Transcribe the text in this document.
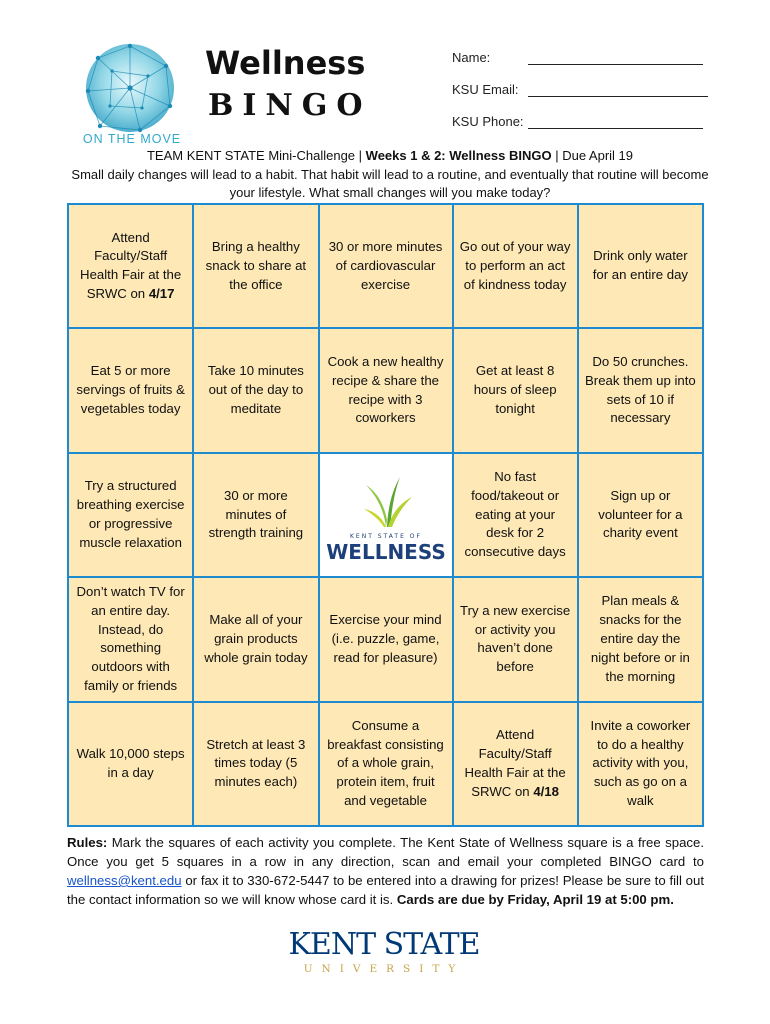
ON THE MOVE
Wellness
BINGO
Name:
KSU Email:
KSU Phone:
TEAM KENT STATE Mini-Challenge | Weeks 1 & 2: Wellness BINGO | Due April 19
Small daily changes will lead to a habit. That habit will lead to a routine, and eventually that routine will become your lifestyle. What small changes will you make today?
Attend Faculty/Staff Health Fair at the SRWC on 4/17
Bring a healthy snack to share at the office
30 or more minutes of cardiovascular exercise
Go out of your way to perform an act of kindness today
Drink only water for an entire day
Eat 5 or more servings of fruits & vegetables today
Take 10 minutes out of the day to meditate
Cook a new healthy recipe & share the recipe with 3 coworkers
Get at least 8 hours of sleep tonight
Do 50 crunches. Break them up into sets of 10 if necessary
Try a structured breathing exercise or progressive muscle relaxation
30 or more minutes of strength training	KENT STATE OF
WELLNESS
No fast food/takeout or eating at your desk for 2 consecutive days
Sign up or volunteer for a charity event
Don’t watch TV for an entire day. Instead, do something outdoors with family or friends
Make all of your grain products whole grain today
Exercise your mind (i.e. puzzle, game, read for pleasure)
Try a new exercise or activity you haven’t done before
Plan meals & snacks for the entire day the night before or in the morning
Walk 10,000 steps in a day
Stretch at least 3 times today (5 minutes each)
Consume a breakfast consisting of a whole grain, protein item, fruit and vegetable
Attend Faculty/Staff Health Fair at the SRWC on 4/18
Invite a coworker to do a healthy activity with you, such as go on a walk
Rules: Mark the squares of each activity you complete. The Kent State of Wellness square is a free space. Once you get 5 squares in a row in any direction, scan and email your completed BINGO card to wellness@kent.edu or fax it to 330-672-5447 to be entered into a drawing for prizes! Please be sure to fill out the contact information so we will know whose card it is. Cards are due by Friday, April 19 at 5:00 pm.
KENT STATE
UNIVERSITY
